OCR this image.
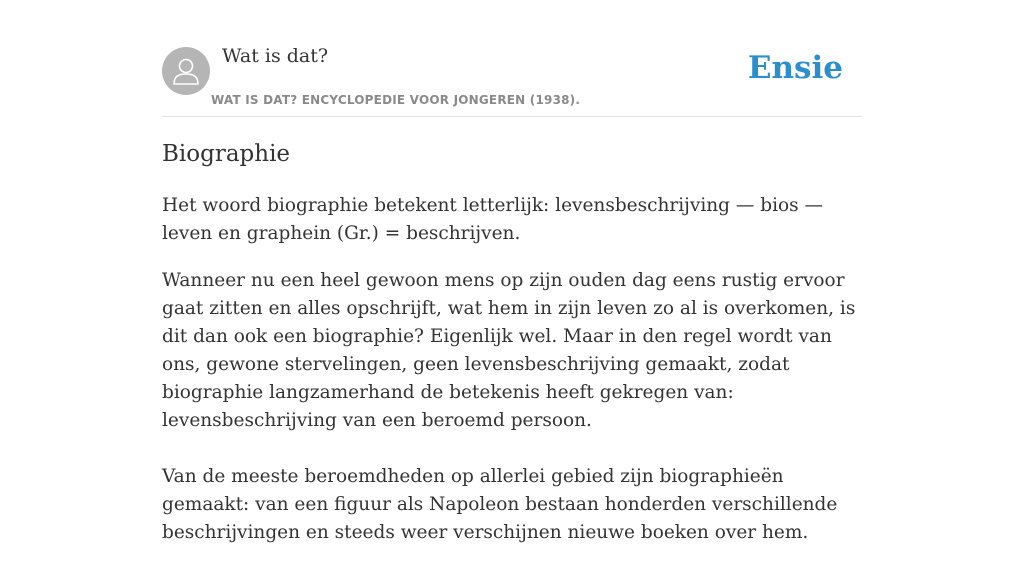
Wat is dat?
WAT IS DAT? ENCYCLOPEDIE VOOR JONGEREN (1938).
Ensie
Biographie

Het woord biographie betekent letterlijk: levensbeschrijving — bios — leven en graphein (Gr.) = beschrijven.

Wanneer nu een heel gewoon mens op zijn ouden dag eens rustig ervoor gaat zitten en alles opschrijft, wat hem in zijn leven zo al is overkomen, is dit dan ook een biographie? Eigenlijk wel. Maar in den regel wordt van ons, gewone stervelingen, geen levensbeschrijving gemaakt, zodat biographie langzamerhand de betekenis heeft gekregen van: levensbeschrijving van een beroemd persoon.

Van de meeste beroemdheden op allerlei gebied zijn biographieën gemaakt: van een figuur als Napoleon bestaan honderden verschillende beschrijvingen en steeds weer verschijnen nieuwe boeken over hem.
